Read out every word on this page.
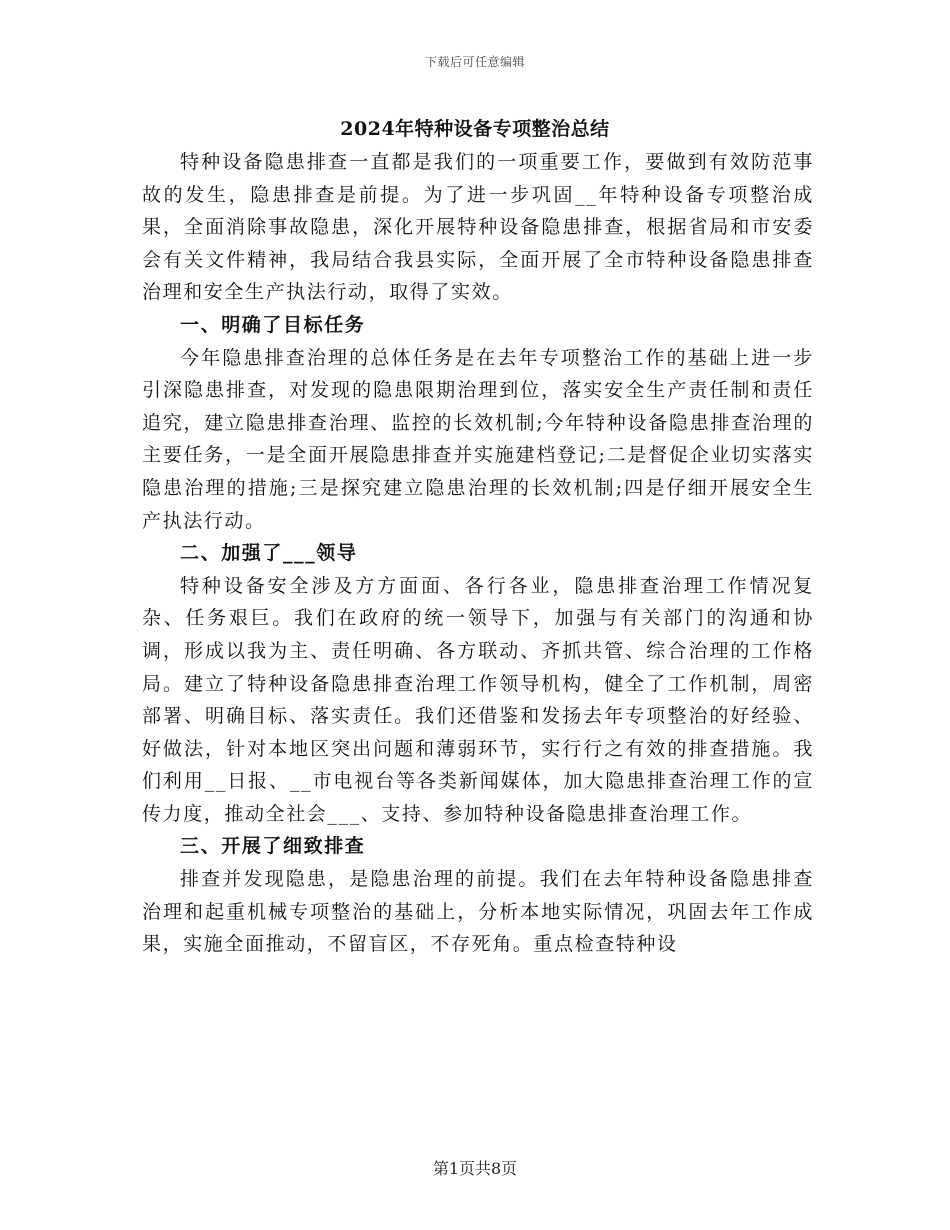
下载后可任意编辑
2024年特种设备专项整治总结

特种设备隐患排查一直都是我们的一项重要工作，要做到有效防范事故的发生，隐患排查是前提。为了进一步巩固__年特种设备专项整治成果，全面消除事故隐患，深化开展特种设备隐患排查，根据省局和市安委会有关文件精神，我局结合我县实际，全面开展了全市特种设备隐患排查治理和安全生产执法行动，取得了实效。

一、明确了目标任务

今年隐患排查治理的总体任务是在去年专项整治工作的基础上进一步引深隐患排查，对发现的隐患限期治理到位，落实安全生产责任制和责任追究，建立隐患排查治理、监控的长效机制;今年特种设备隐患排查治理的主要任务，一是全面开展隐患排查并实施建档登记;二是督促企业切实落实隐患治理的措施;三是探究建立隐患治理的长效机制;四是仔细开展安全生产执法行动。

二、加强了___领导

特种设备安全涉及方方面面、各行各业，隐患排查治理工作情况复杂、任务艰巨。我们在政府的统一领导下，加强与有关部门的沟通和协调，形成以我为主、责任明确、各方联动、齐抓共管、综合治理的工作格局。建立了特种设备隐患排查治理工作领导机构，健全了工作机制，周密部署、明确目标、落实责任。我们还借鉴和发扬去年专项整治的好经验、好做法，针对本地区突出问题和薄弱环节，实行行之有效的排查措施。我们利用__日报、__市电视台等各类新闻媒体，加大隐患排查治理工作的宣传力度，推动全社会___、支持、参加特种设备隐患排查治理工作。

三、开展了细致排查

排查并发现隐患，是隐患治理的前提。我们在去年特种设备隐患排查治理和起重机械专项整治的基础上，分析本地实际情况，巩固去年工作成果，实施全面推动，不留盲区，不存死角。重点检查特种设

第1页共8页
